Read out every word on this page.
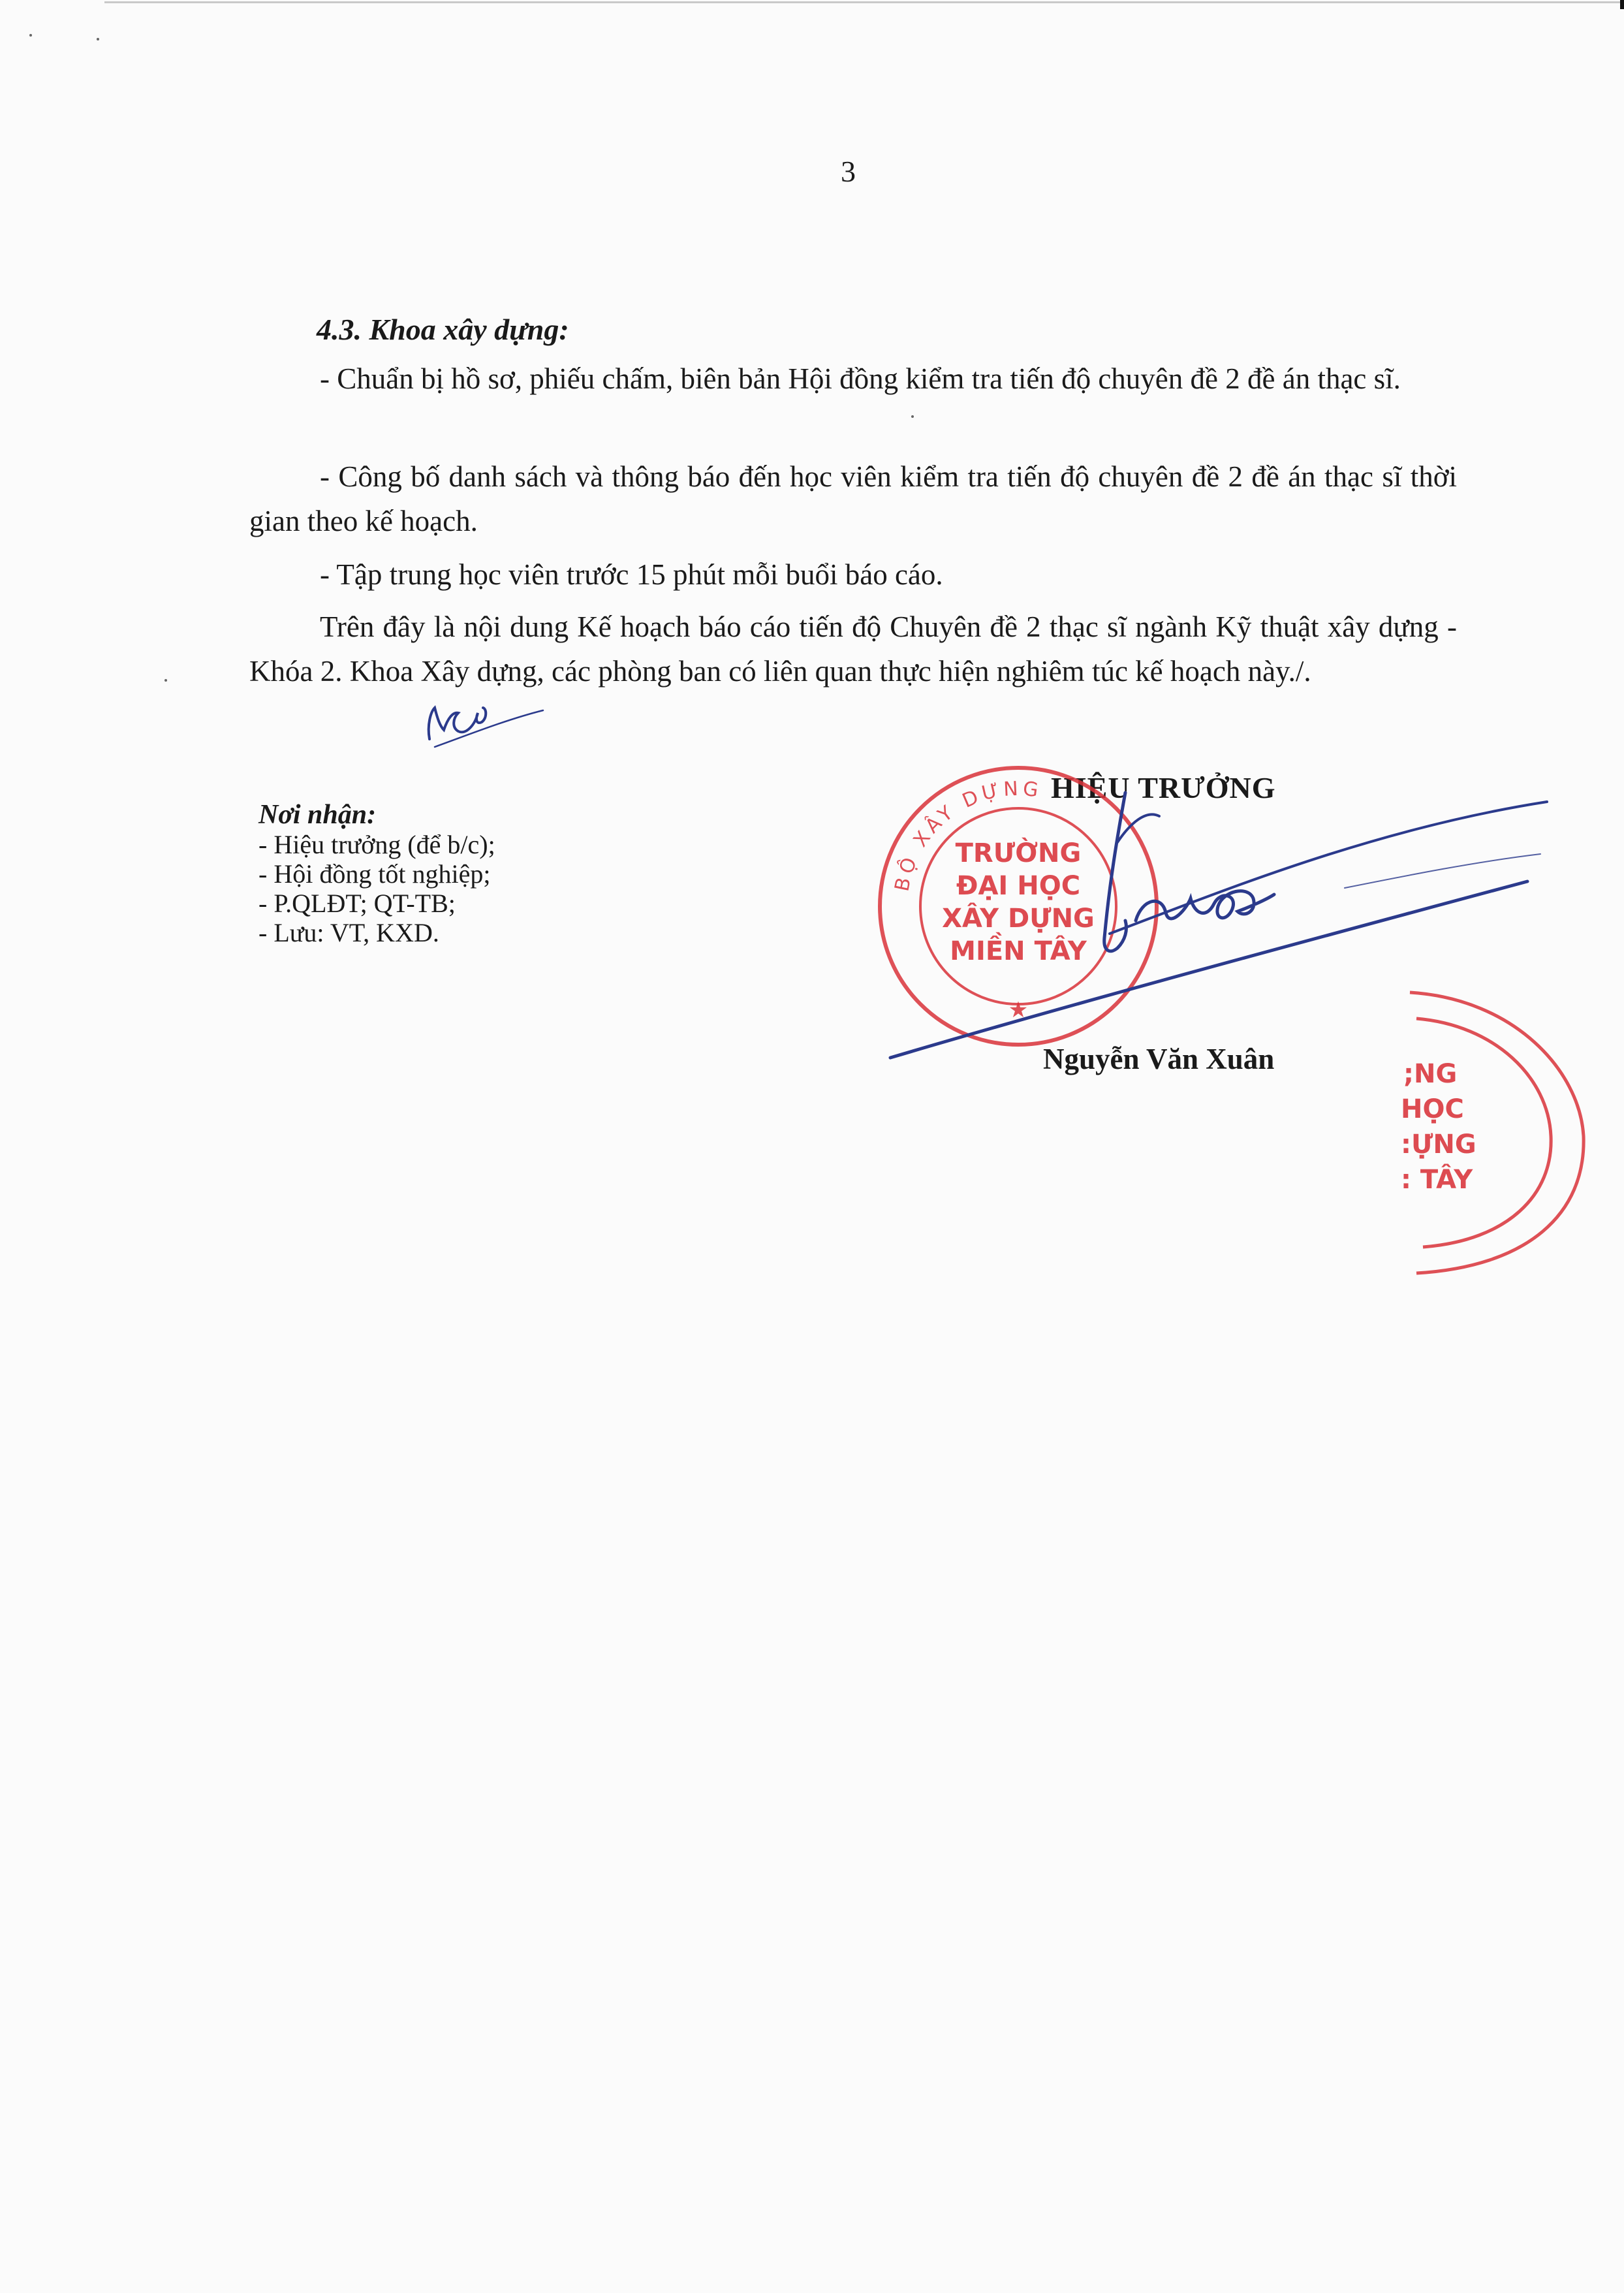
3
4.3. Khoa xây dựng:

- Chuẩn bị hồ sơ, phiếu chấm, biên bản Hội đồng kiểm tra tiến độ chuyên đề 2 đề án thạc sĩ.

- Công bố danh sách và thông báo đến học viên kiểm tra tiến độ chuyên đề 2 đề án thạc sĩ thời gian theo kế hoạch.

- Tập trung học viên trước 15 phút mỗi buổi báo cáo.

Trên đây là nội dung Kế hoạch báo cáo tiến độ Chuyên đề 2 thạc sĩ ngành Kỹ thuật xây dựng - Khóa 2. Khoa Xây dựng, các phòng ban có liên quan thực hiện nghiêm túc kế hoạch này./.

Nơi nhận:
- Hiệu trưởng (để b/c);
- Hội đồng tốt nghiệp;
- P.QLĐT; QT-TB;
- Lưu: VT, KXD.
HIỆU TRƯỞNG
Nguyễn Văn Xuân
BỘ XÂY DỰNG
TRƯỜNG
ĐẠI HỌC
XÂY DỰNG
MIỀN TÂY
★
;NG
HỌC
:ỰNG
: TÂY
